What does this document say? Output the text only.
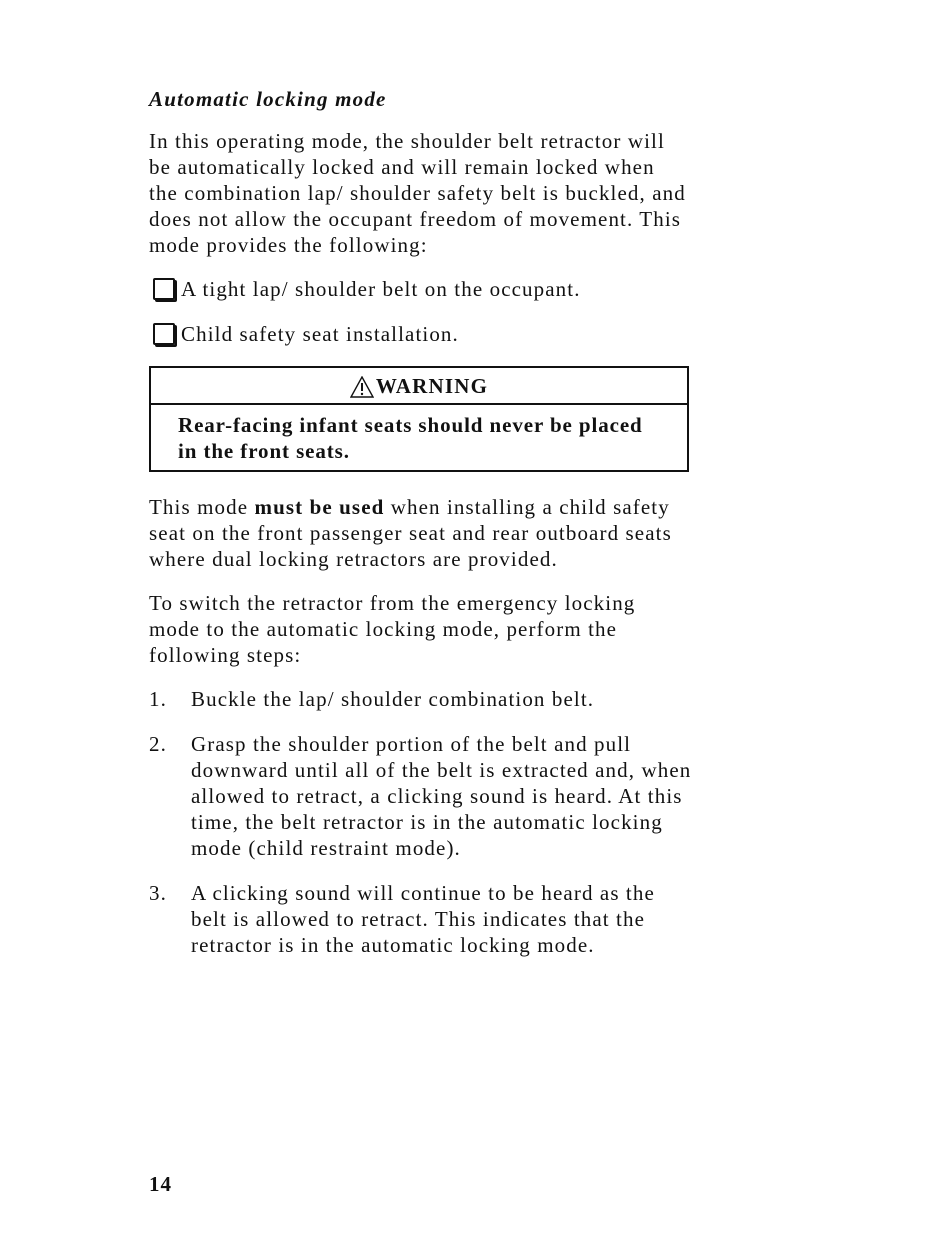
Automatic locking mode
In this operating mode, the shoulder belt retractor will be automatically locked and will remain locked when the combination lap/ shoulder safety belt is buckled, and does not allow the occupant freedom of movement. This mode provides the following:
A tight lap/ shoulder belt on the occupant.
Child safety seat installation.
WARNING
Rear-facing infant seats should never be placed in the front seats.
This mode must be used when installing a child safety seat on the front passenger seat and rear outboard seats where dual locking retractors are provided.
To switch the retractor from the emergency locking mode to the automatic locking mode, perform the following steps:
1.	Buckle the lap/ shoulder combination belt.
2.	Grasp the shoulder portion of the belt and pull downward until all of the belt is extracted and, when allowed to retract, a clicking sound is heard. At this time, the belt retractor is in the automatic locking mode (child restraint mode).
3.	A clicking sound will continue to be heard as the belt is allowed to retract. This indicates that the retractor is in the automatic locking mode.
14
